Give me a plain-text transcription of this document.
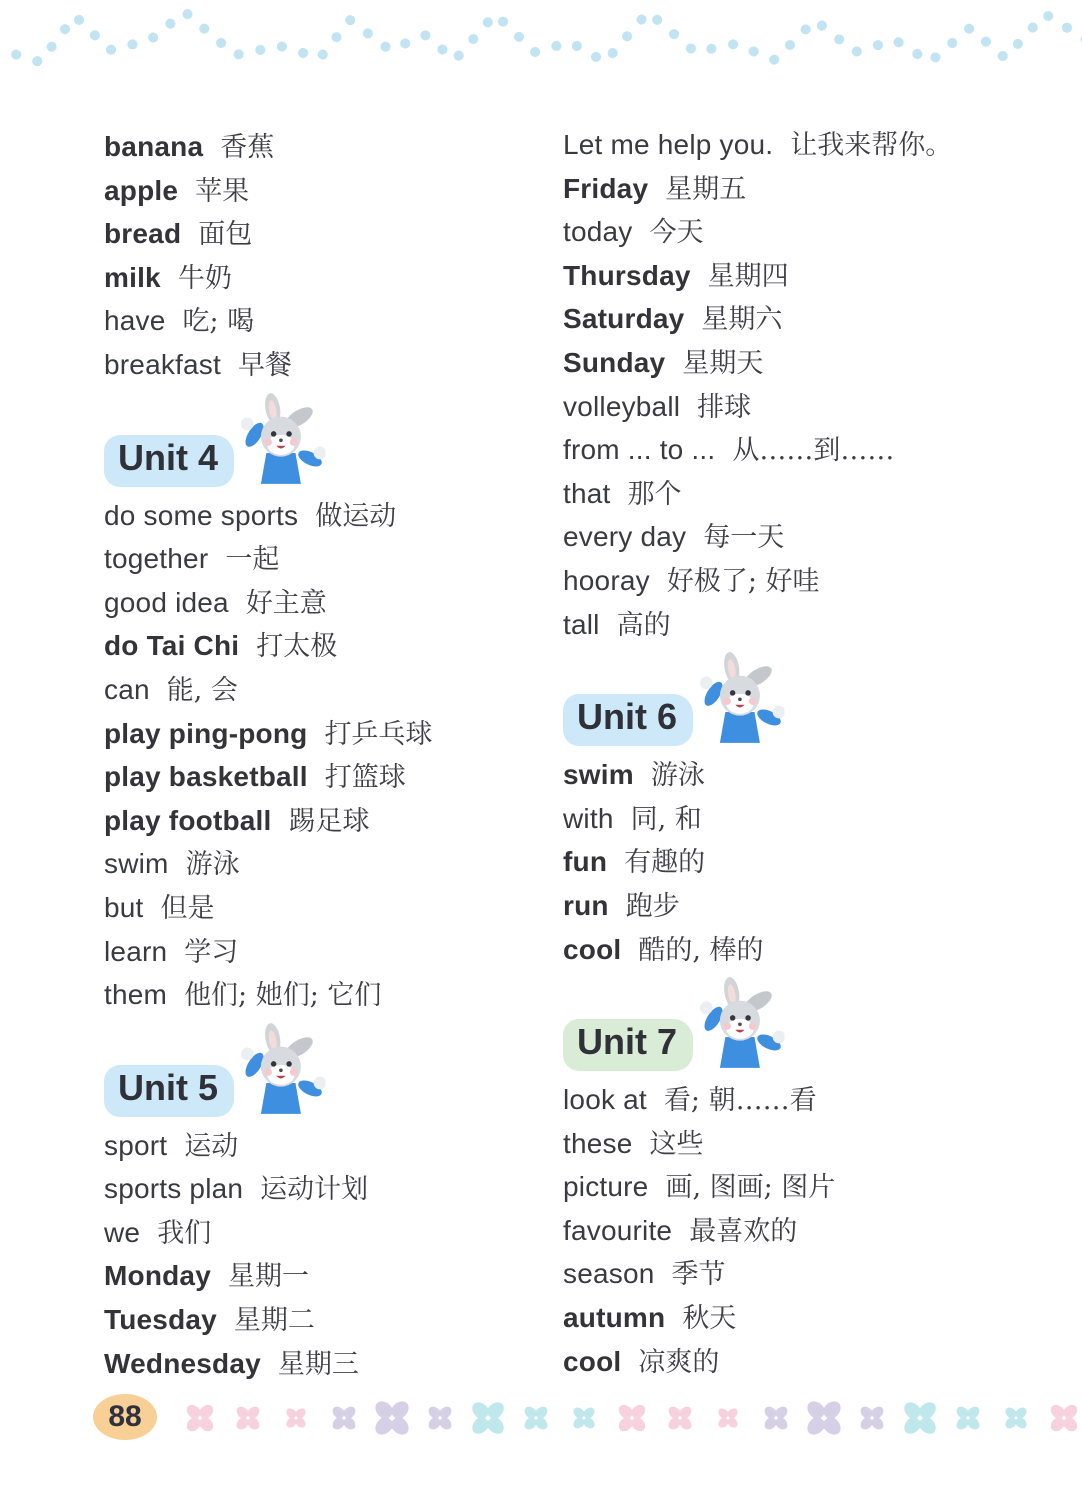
banana 香蕉
apple 苹果
bread 面包
milk 牛奶
have 吃; 喝
breakfast 早餐
Unit 4
do some sports 做运动
together 一起
good idea 好主意
do Tai Chi 打太极
can 能, 会
play ping-pong 打乒乓球
play basketball 打篮球
play football 踢足球
swim 游泳
but 但是
learn 学习
them 他们; 她们; 它们
Unit 5
sport 运动
sports plan 运动计划
we 我们
Monday 星期一
Tuesday 星期二
Wednesday 星期三
Let me help you. 让我来帮你。
Friday 星期五
today 今天
Thursday 星期四
Saturday 星期六
Sunday 星期天
volleyball 排球
from ... to ... 从……到……
that 那个
every day 每一天
hooray 好极了; 好哇
tall 高的
Unit 6
swim 游泳
with 同, 和
fun 有趣的
run 跑步
cool 酷的, 棒的
Unit 7
look at 看; 朝……看
these 这些
picture 画, 图画; 图片
favourite 最喜欢的
season 季节
autumn 秋天
cool 凉爽的
88
